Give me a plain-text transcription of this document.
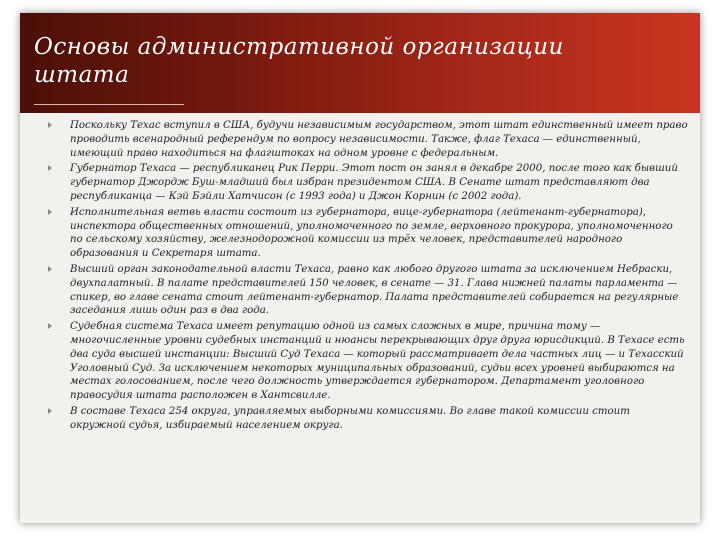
Основы административной организации штата
Поскольку Техас вступил в США, будучи независимым государством, этот штат единственный имеет право проводить всенародный референдум по вопросу независимости. Также, флаг Техаса — единственный, имеющий право находиться на флагштоках на одном уровне с федеральным.
Губернатор Техаса — республиканец Рик Перри. Этот пост он занял в декабре 2000, после того как бывший губернатор Джордж Буш-младший был избран президентом США. В Сенате штат представляют два республиканца — Кэй Бэйли Хатчисон (с 1993 года) и Джон Корнин (с 2002 года).
Исполнительная ветвь власти состоит из губернатора, вице-губернатора (лейтенант-губернатора), инспектора общественных отношений, уполномоченного по земле, верховного прокурора, уполномоченного по сельскому хозяйству, железнодорожной комиссии из трёх человек, представителей народного образования и Секретаря штата.
Высший орган законодательной власти Техаса, равно как любого другого штата за исключением Небраски, двухпалатный. В палате представителей 150 человек, в сенате — 31. Глава нижней палаты парламента — спикер, во главе сената стоит лейтенант-губернатор. Палата представителей собирается на регулярные заседания лишь один раз в два года.
Судебная система Техаса имеет репутацию одной из самых сложных в мире, причина тому — многочисленные уровни судебных инстанций и нюансы перекрывающих друг друга юрисдикций. В Техасе есть два суда высшей инстанции: Высший Суд Техаса — который рассматривает дела частных лиц — и Техасский Уголовный Суд. За исключением некоторых муниципальных образований, судьи всех уровней выбираются на местах голосованием, после чего должность утверждается губернатором. Департамент уголовного правосудия штата расположен в Хантсвилле.
В составе Техаса 254 округа, управляемых выборными комиссиями. Во главе такой комиссии стоит окружной судья, избираемый населением округа.
